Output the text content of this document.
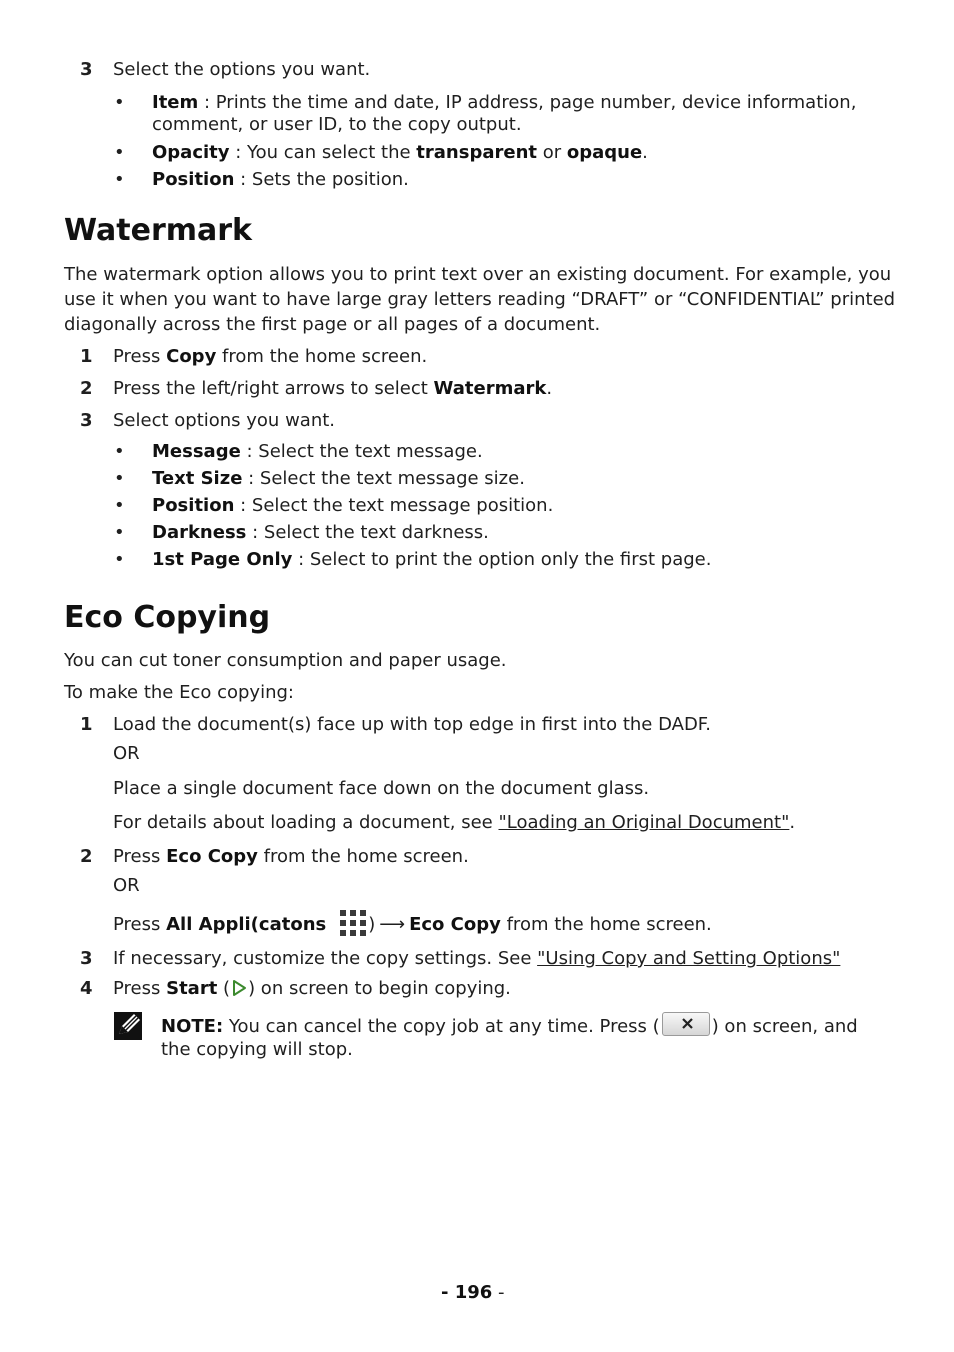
3 Select the options you want.
• Item : Prints the time and date, IP address, page number, device information,
comment, or user ID, to the copy output.
• Opacity : You can select the transparent or opaque.
• Position : Sets the position.
Watermark
The watermark option allows you to print text over an existing document. For example, you
use it when you want to have large gray letters reading “DRAFT” or “CONFIDENTIAL” printed
diagonally across the first page or all pages of a document.
1 Press Copy from the home screen.
2 Press the left/right arrows to select Watermark.
3 Select options you want.
• Message : Select the text message.
• Text Size : Select the text message size.
• Position : Select the text message position.
• Darkness : Select the text darkness.
• 1st Page Only : Select to print the option only the first page.
Eco Copying
You can cut toner consumption and paper usage.
To make the Eco copying:
1 Load the document(s) face up with top edge in first into the DADF.
OR
Place a single document face down on the document glass.
For details about loading a document, see "Loading an Original Document".
2 Press Eco Copy from the home screen.
OR
Press All Appli(catons ) ⟶ Eco Copy from the home screen.
3 If necessary, customize the copy settings. See "Using Copy and Setting Options"
4 Press Start ( ) on screen to begin copying.
NOTE: You can cancel the copy job at any time. Press (	) on screen, and
the copying will stop.
- 196 -
